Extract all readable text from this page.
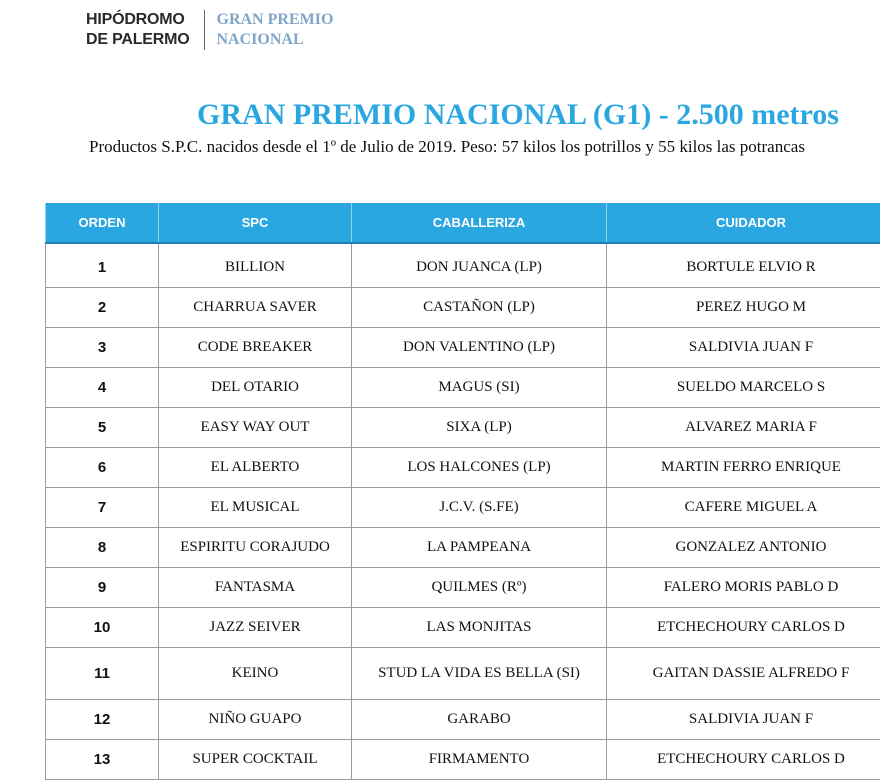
HIPÓDROMO
DE PALERMO
GRAN PREMIO
NACIONAL
GRAN PREMIO NACIONAL (G1) - 2.500 metros
Productos S.P.C. nacidos desde el 1º de Julio de 2019. Peso: 57 kilos los potrillos y 55 kilos las potrancas
ORDEN	SPC	CABALLERIZA	CUIDADOR
1	BILLION	DON JUANCA (LP)	BORTULE ELVIO R
2	CHARRUA SAVER	CASTAÑON (LP)	PEREZ HUGO M
3	CODE BREAKER	DON VALENTINO (LP)	SALDIVIA JUAN F
4	DEL OTARIO	MAGUS (SI)	SUELDO MARCELO S
5	EASY WAY OUT	SIXA (LP)	ALVAREZ MARIA F
6	EL ALBERTO	LOS HALCONES (LP)	MARTIN FERRO ENRIQUE
7	EL MUSICAL	J.C.V. (S.FE)	CAFERE MIGUEL A
8	ESPIRITU CORAJUDO	LA PAMPEANA	GONZALEZ ANTONIO
9	FANTASMA	QUILMES (Rº)	FALERO MORIS PABLO D
10	JAZZ SEIVER	LAS MONJITAS	ETCHECHOURY CARLOS D
11	KEINO	STUD LA VIDA ES BELLA (SI)	GAITAN DASSIE ALFREDO F
12	NIÑO GUAPO	GARABO	SALDIVIA JUAN F
13	SUPER COCKTAIL	FIRMAMENTO	ETCHECHOURY CARLOS D
